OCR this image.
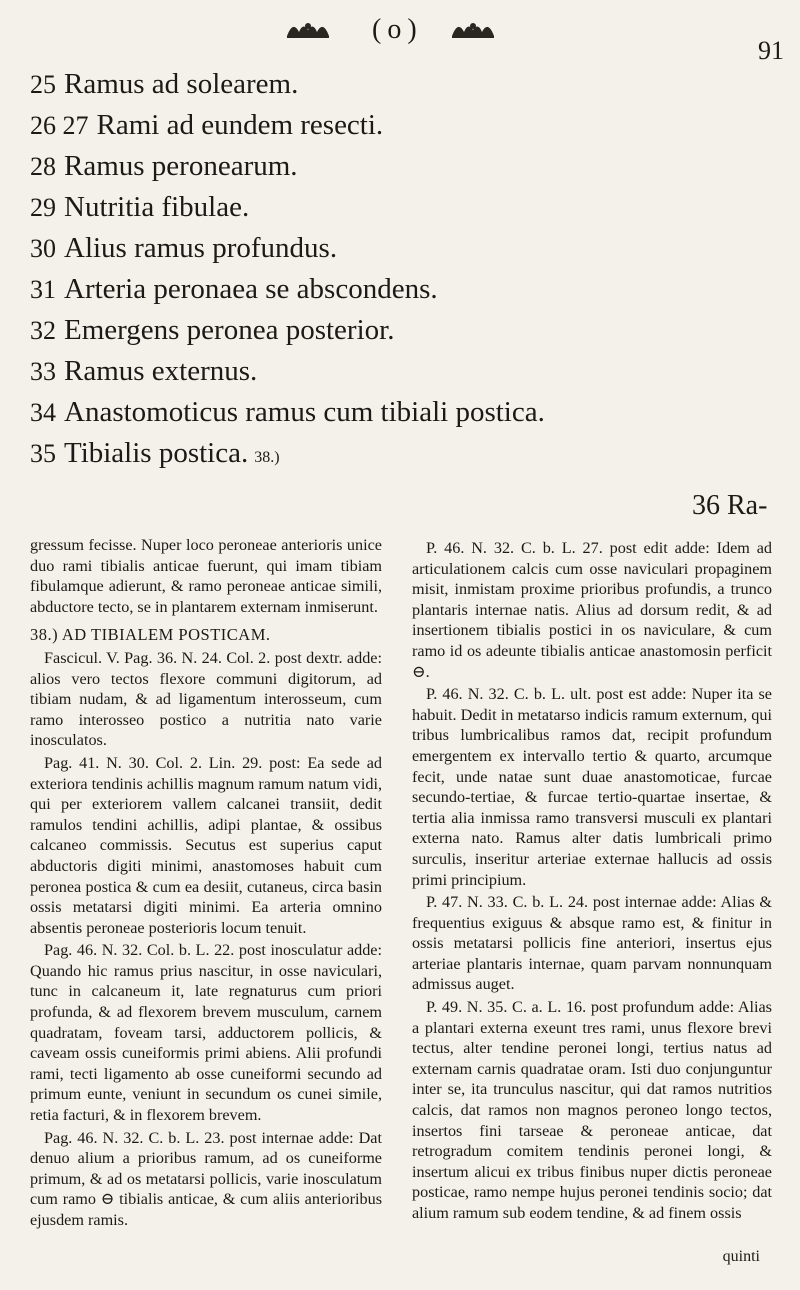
(o)
91
25 Ramus ad solearem.
26 27 Rami ad eundem resecti.
28 Ramus peronearum.
29 Nutritia fibulae.
30 Alius ramus profundus.
31 Arteria peronaea se abscondens.
32 Emergens peronea posterior.
33 Ramus externus.
34 Anastomoticus ramus cum tibiali postica.
35 Tibialis postica. 38.)
36 Ra-

gressum fecisse. Nuper loco peroneae anterioris unice duo rami tibialis anticae fuerunt, qui imam tibiam fibulamque adierunt, & ramo peroneae anticae simili, abductore tecto, se in plantarem externam inmiserunt.

38.) AD TIBIALEM POSTICAM.

Fascicul. V. Pag. 36. N. 24. Col. 2. post dextr. adde: alios vero tectos flexore communi digitorum, ad tibiam nudam, & ad ligamentum interosseum, cum ramo interosseo postico a nutritia nato varie inosculatos.

Pag. 41. N. 30. Col. 2. Lin. 29. post: Ea sede ad exteriora tendinis achillis magnum ramum natum vidi, qui per exteriorem vallem calcanei transiit, dedit ramulos tendini achillis, adipi plantae, & ossibus calcaneo commissis. Secutus est superius caput abductoris digiti minimi, anastomoses habuit cum peronea postica & cum ea desiit, cutaneus, circa basin ossis metatarsi digiti minimi. Ea arteria omnino absentis peroneae posterioris locum tenuit.

Pag. 46. N. 32. Col. b. L. 22. post inosculatur adde: Quando hic ramus prius nascitur, in osse naviculari, tunc in calcaneum it, late regnaturus cum priori profunda, & ad flexorem brevem musculum, carnem quadratam, foveam tarsi, adductorem pollicis, & caveam ossis cuneiformis primi abiens. Alii profundi rami, tecti ligamento ab osse cuneiformi secundo ad primum eunte, veniunt in secundum os cunei simile, retia facturi, & in flexorem brevem.

Pag. 46. N. 32. C. b. L. 23. post internae adde: Dat denuo alium a prioribus ramum, ad os cuneiforme primum, & ad os metatarsi pollicis, varie inosculatum cum ramo ⊖ tibialis anticae, & cum aliis anterioribus ejusdem ramis.

P. 46. N. 32. C. b. L. 27. post edit adde: Idem ad articulationem calcis cum osse naviculari propaginem misit, inmistam proxime prioribus profundis, a trunco plantaris internae natis. Alius ad dorsum redit, & ad insertionem tibialis postici in os naviculare, & cum ramo id os adeunte tibialis anticae anastomosin perficit ⊖.

P. 46. N. 32. C. b. L. ult. post est adde: Nuper ita se habuit. Dedit in metatarso indicis ramum externum, qui tribus lumbricalibus ramos dat, recipit profundum emergentem ex intervallo tertio & quarto, arcumque fecit, unde natae sunt duae anastomoticae, furcae secundo-tertiae, & furcae tertio-quartae insertae, & tertia alia inmissa ramo transversi musculi ex plantari externa nato. Ramus alter datis lumbricali primo surculis, inseritur arteriae externae hallucis ad ossis primi principium.

P. 47. N. 33. C. b. L. 24. post internae adde: Alias & frequentius exiguus & absque ramo est, & finitur in ossis metatarsi pollicis fine anteriori, insertus ejus arteriae plantaris internae, quam parvam nonnunquam admissus auget.

P. 49. N. 35. C. a. L. 16. post profundum adde: Alias a plantari externa exeunt tres rami, unus flexore brevi tectus, alter tendine peronei longi, tertius natus ad externam carnis quadratae oram. Isti duo conjunguntur inter se, ita trunculus nascitur, qui dat ramos nutritios calcis, dat ramos non magnos peroneo longo tectos, insertos fini tarseae & peroneae anticae, dat retrogradum comitem tendinis peronei longi, & insertum alicui ex tribus finibus nuper dictis peroneae posticae, ramo nempe hujus peronei tendinis socio; dat alium ramum sub eodem tendine, & ad finem ossis

quinti
